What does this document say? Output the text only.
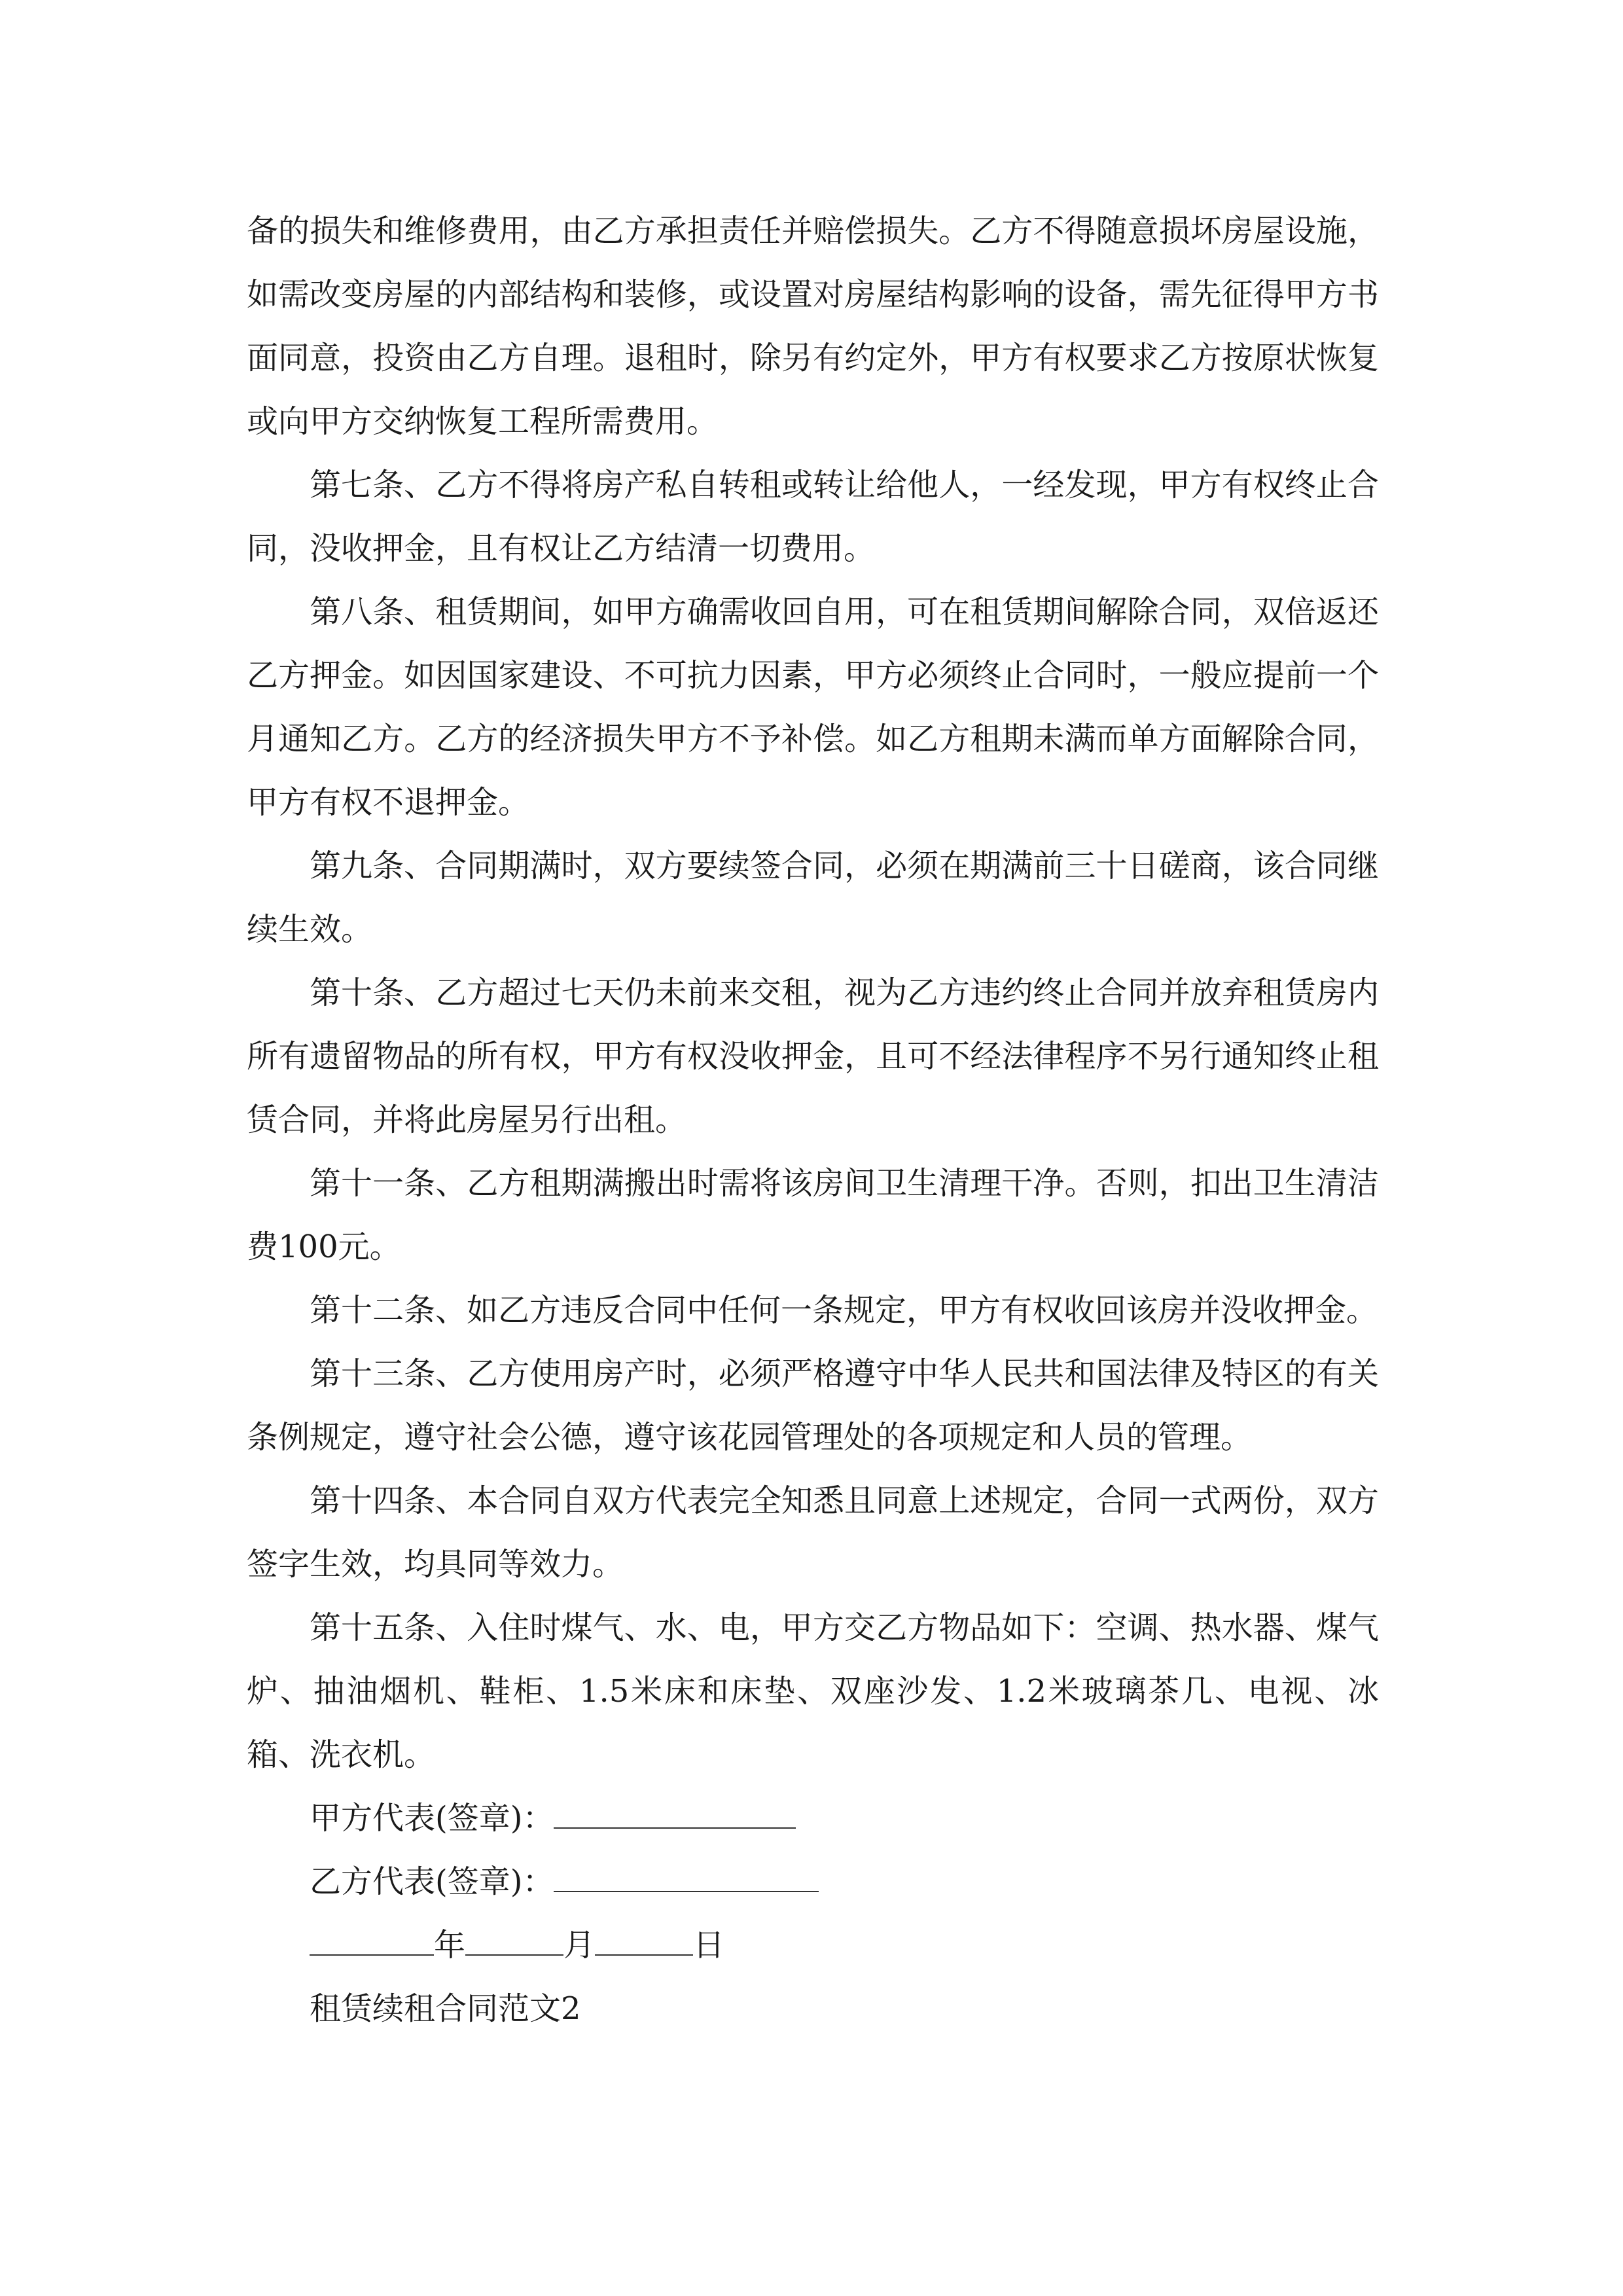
备的损失和维修费用，由乙方承担责任并赔偿损失。乙方不得随意损坏房屋设施，如需改变房屋的内部结构和装修，或设置对房屋结构影响的设备，需先征得甲方书面同意，投资由乙方自理。退租时，除另有约定外，甲方有权要求乙方按原状恢复或向甲方交纳恢复工程所需费用。

第七条、乙方不得将房产私自转租或转让给他人，一经发现，甲方有权终止合同，没收押金，且有权让乙方结清一切费用。

第八条、租赁期间，如甲方确需收回自用，可在租赁期间解除合同，双倍返还乙方押金。如因国家建设、不可抗力因素，甲方必须终止合同时，一般应提前一个月通知乙方。乙方的经济损失甲方不予补偿。如乙方租期未满而单方面解除合同，甲方有权不退押金。

第九条、合同期满时，双方要续签合同，必须在期满前三十日磋商，该合同继续生效。

第十条、乙方超过七天仍未前来交租，视为乙方违约终止合同并放弃租赁房内所有遗留物品的所有权，甲方有权没收押金，且可不经法律程序不另行通知终止租赁合同，并将此房屋另行出租。

第十一条、乙方租期满搬出时需将该房间卫生清理干净。否则，扣出卫生清洁费100元。

第十二条、如乙方违反合同中任何一条规定，甲方有权收回该房并没收押金。

第十三条、乙方使用房产时，必须严格遵守中华人民共和国法律及特区的有关条例规定，遵守社会公德，遵守该花园管理处的各项规定和人员的管理。

第十四条、本合同自双方代表完全知悉且同意上述规定，合同一式两份，双方签字生效，均具同等效力。

第十五条、入住时煤气、水、电，甲方交乙方物品如下：空调、热水器、煤气炉、抽油烟机、鞋柜、1.5米床和床垫、双座沙发、1.2米玻璃茶几、电视、冰箱、洗衣机。

甲方代表(签章)：

乙方代表(签章)：

年	月	日

租赁续租合同范文2
